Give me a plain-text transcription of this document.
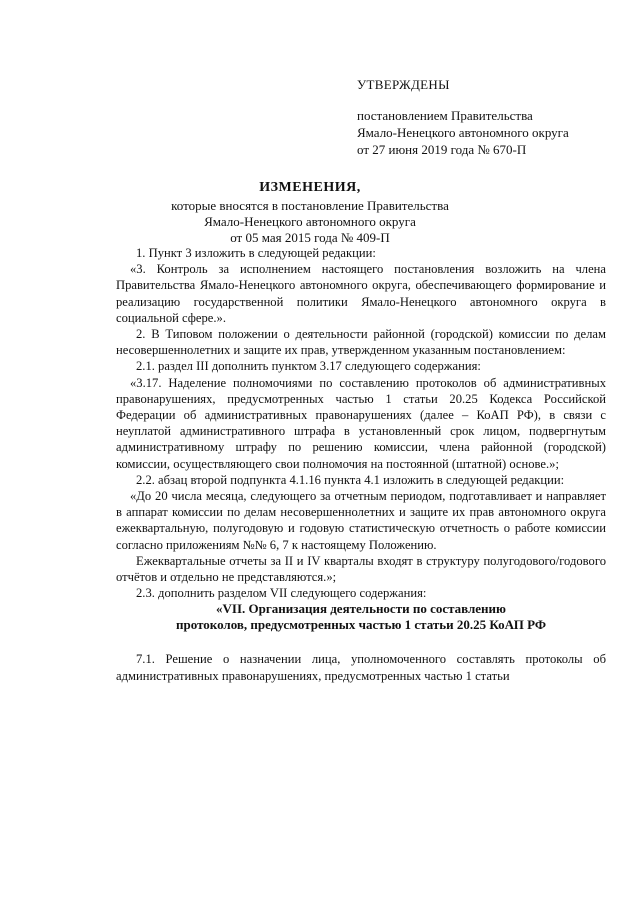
УТВЕРЖДЕНЫ
постановлением Правительства
Ямало-Ненецкого автономного округа
от 27 июня 2019 года № 670-П
ИЗМЕНЕНИЯ,
которые вносятся в постановление Правительства
Ямало-Ненецкого автономного округа
от 05 мая 2015 года № 409-П

1. Пункт 3 изложить в следующей редакции:

«3. Контроль за исполнением настоящего постановления возложить на члена Правительства Ямало-Ненецкого автономного округа, обеспечивающего формирование и реализацию государственной политики Ямало-Ненецкого автономного округа в социальной сфере.».

2. В Типовом положении о деятельности районной (городской) комиссии по делам несовершеннолетних и защите их прав, утвержденном указанным постановлением:

2.1. раздел III дополнить пунктом 3.17 следующего содержания:

«3.17. Наделение полномочиями по составлению протоколов об административных правонарушениях, предусмотренных частью 1 статьи 20.25 Кодекса Российской Федерации об административных правонарушениях (далее – КоАП РФ), в связи с неуплатой административного штрафа в установленный срок лицом, подвергнутым административному штрафу по решению комиссии, члена районной (городской) комиссии, осуществляющего свои полномочия на постоянной (штатной) основе.»;

2.2. абзац второй подпункта 4.1.16 пункта 4.1 изложить в следующей редакции:

«До 20 числа месяца, следующего за отчетным периодом, подготавливает и направляет в аппарат комиссии по делам несовершеннолетних и защите их прав автономного округа ежеквартальную, полугодовую и годовую статистическую отчетность о работе комиссии согласно приложениям №№ 6, 7 к настоящему Положению.

Ежеквартальные отчеты за II и IV кварталы входят в структуру полугодового/годового отчётов и отдельно не представляются.»;

2.3. дополнить разделом VII следующего содержания:

«VII. Организация деятельности по составлению

протоколов, предусмотренных частью 1 статьи 20.25 КоАП РФ

7.1. Решение о назначении лица, уполномоченного составлять протоколы об административных правонарушениях, предусмотренных частью 1 статьи
